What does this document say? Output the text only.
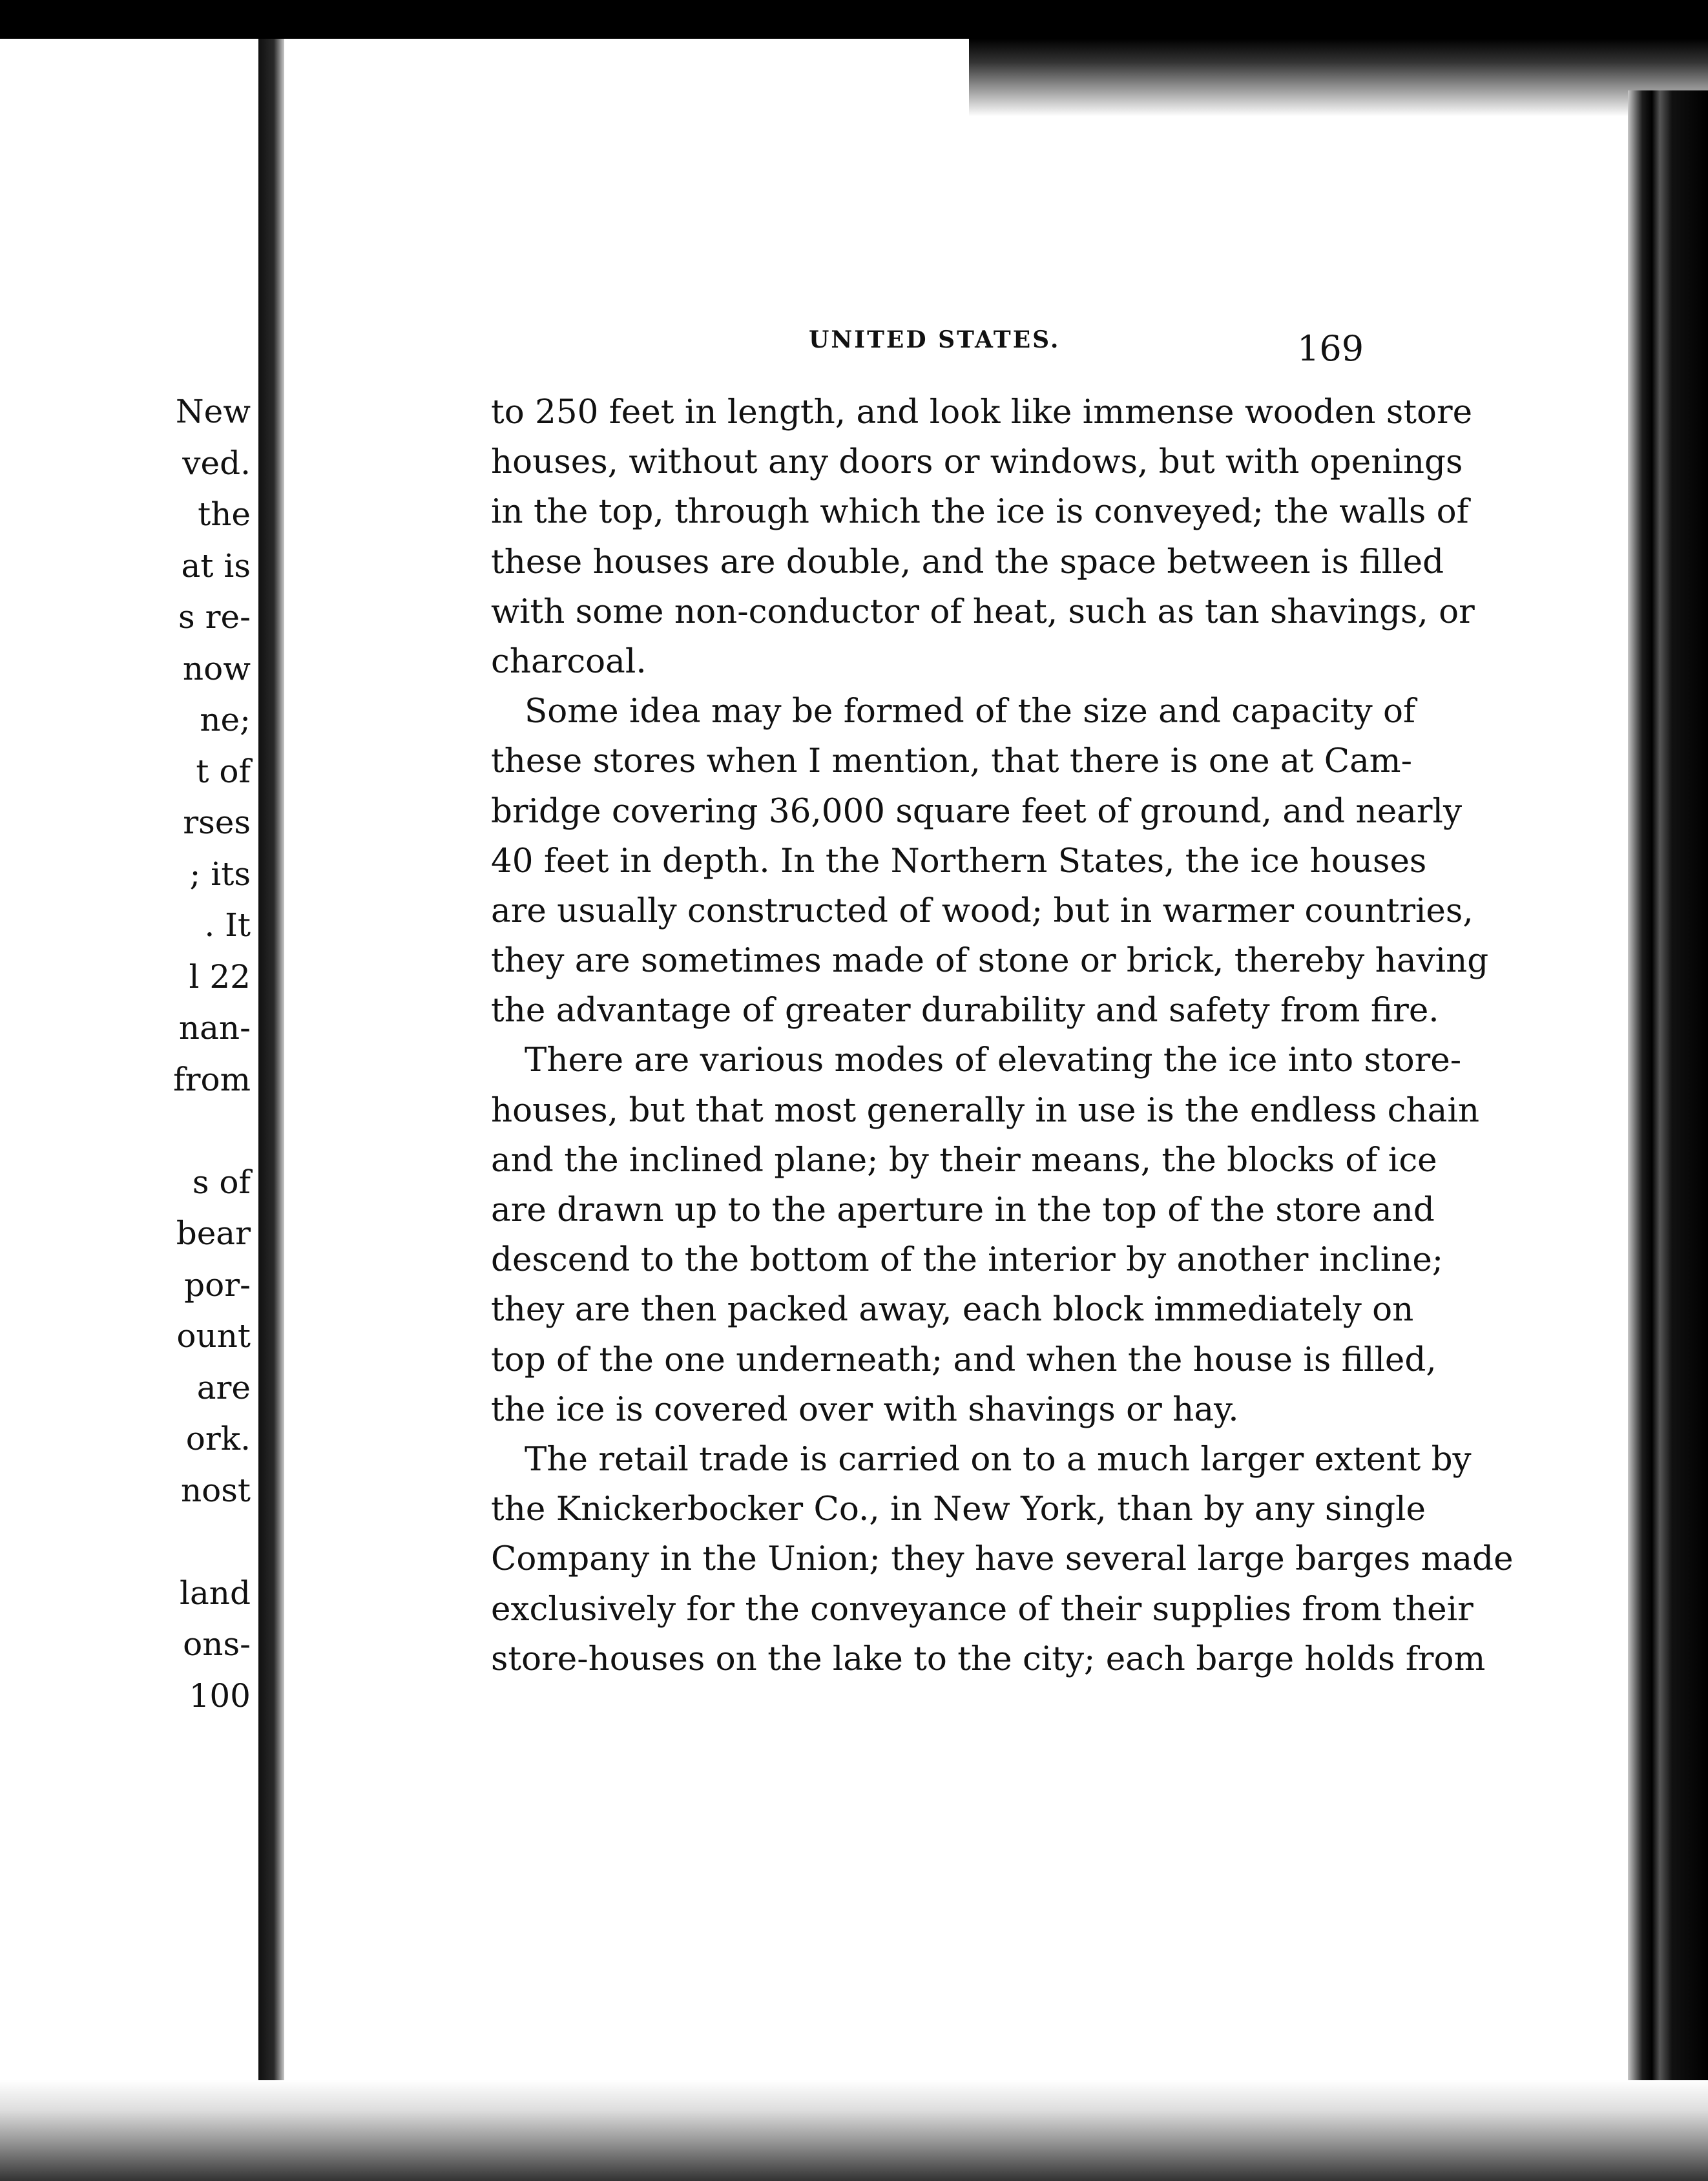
New
ved.
the
at is
s re-
now
ne;
t of
rses
; its
. It
l 22
nan-
from
s of
bear
por-
ount
are
ork.
nost
land
ons-
100
UNITED STATES.	169
to 250 feet in length, and look like immense wooden store
houses, without any doors or windows, but with openings
in the top, through which the ice is conveyed; the walls of
these houses are double, and the space between is filled
with some non-conductor of heat, such as tan shavings, or
charcoal.
Some idea may be formed of the size and capacity of
these stores when I mention, that there is one at Cam-
bridge covering 36,000 square feet of ground, and nearly
40 feet in depth. In the Northern States, the ice houses
are usually constructed of wood; but in warmer countries,
they are sometimes made of stone or brick, thereby having
the advantage of greater durability and safety from fire.
There are various modes of elevating the ice into store-
houses, but that most generally in use is the endless chain
and the inclined plane; by their means, the blocks of ice
are drawn up to the aperture in the top of the store and
descend to the bottom of the interior by another incline;
they are then packed away, each block immediately on
top of the one underneath; and when the house is filled,
the ice is covered over with shavings or hay.
The retail trade is carried on to a much larger extent by
the Knickerbocker Co., in New York, than by any single
Company in the Union; they have several large barges made
exclusively for the conveyance of their supplies from their
store-houses on the lake to the city; each barge holds from
